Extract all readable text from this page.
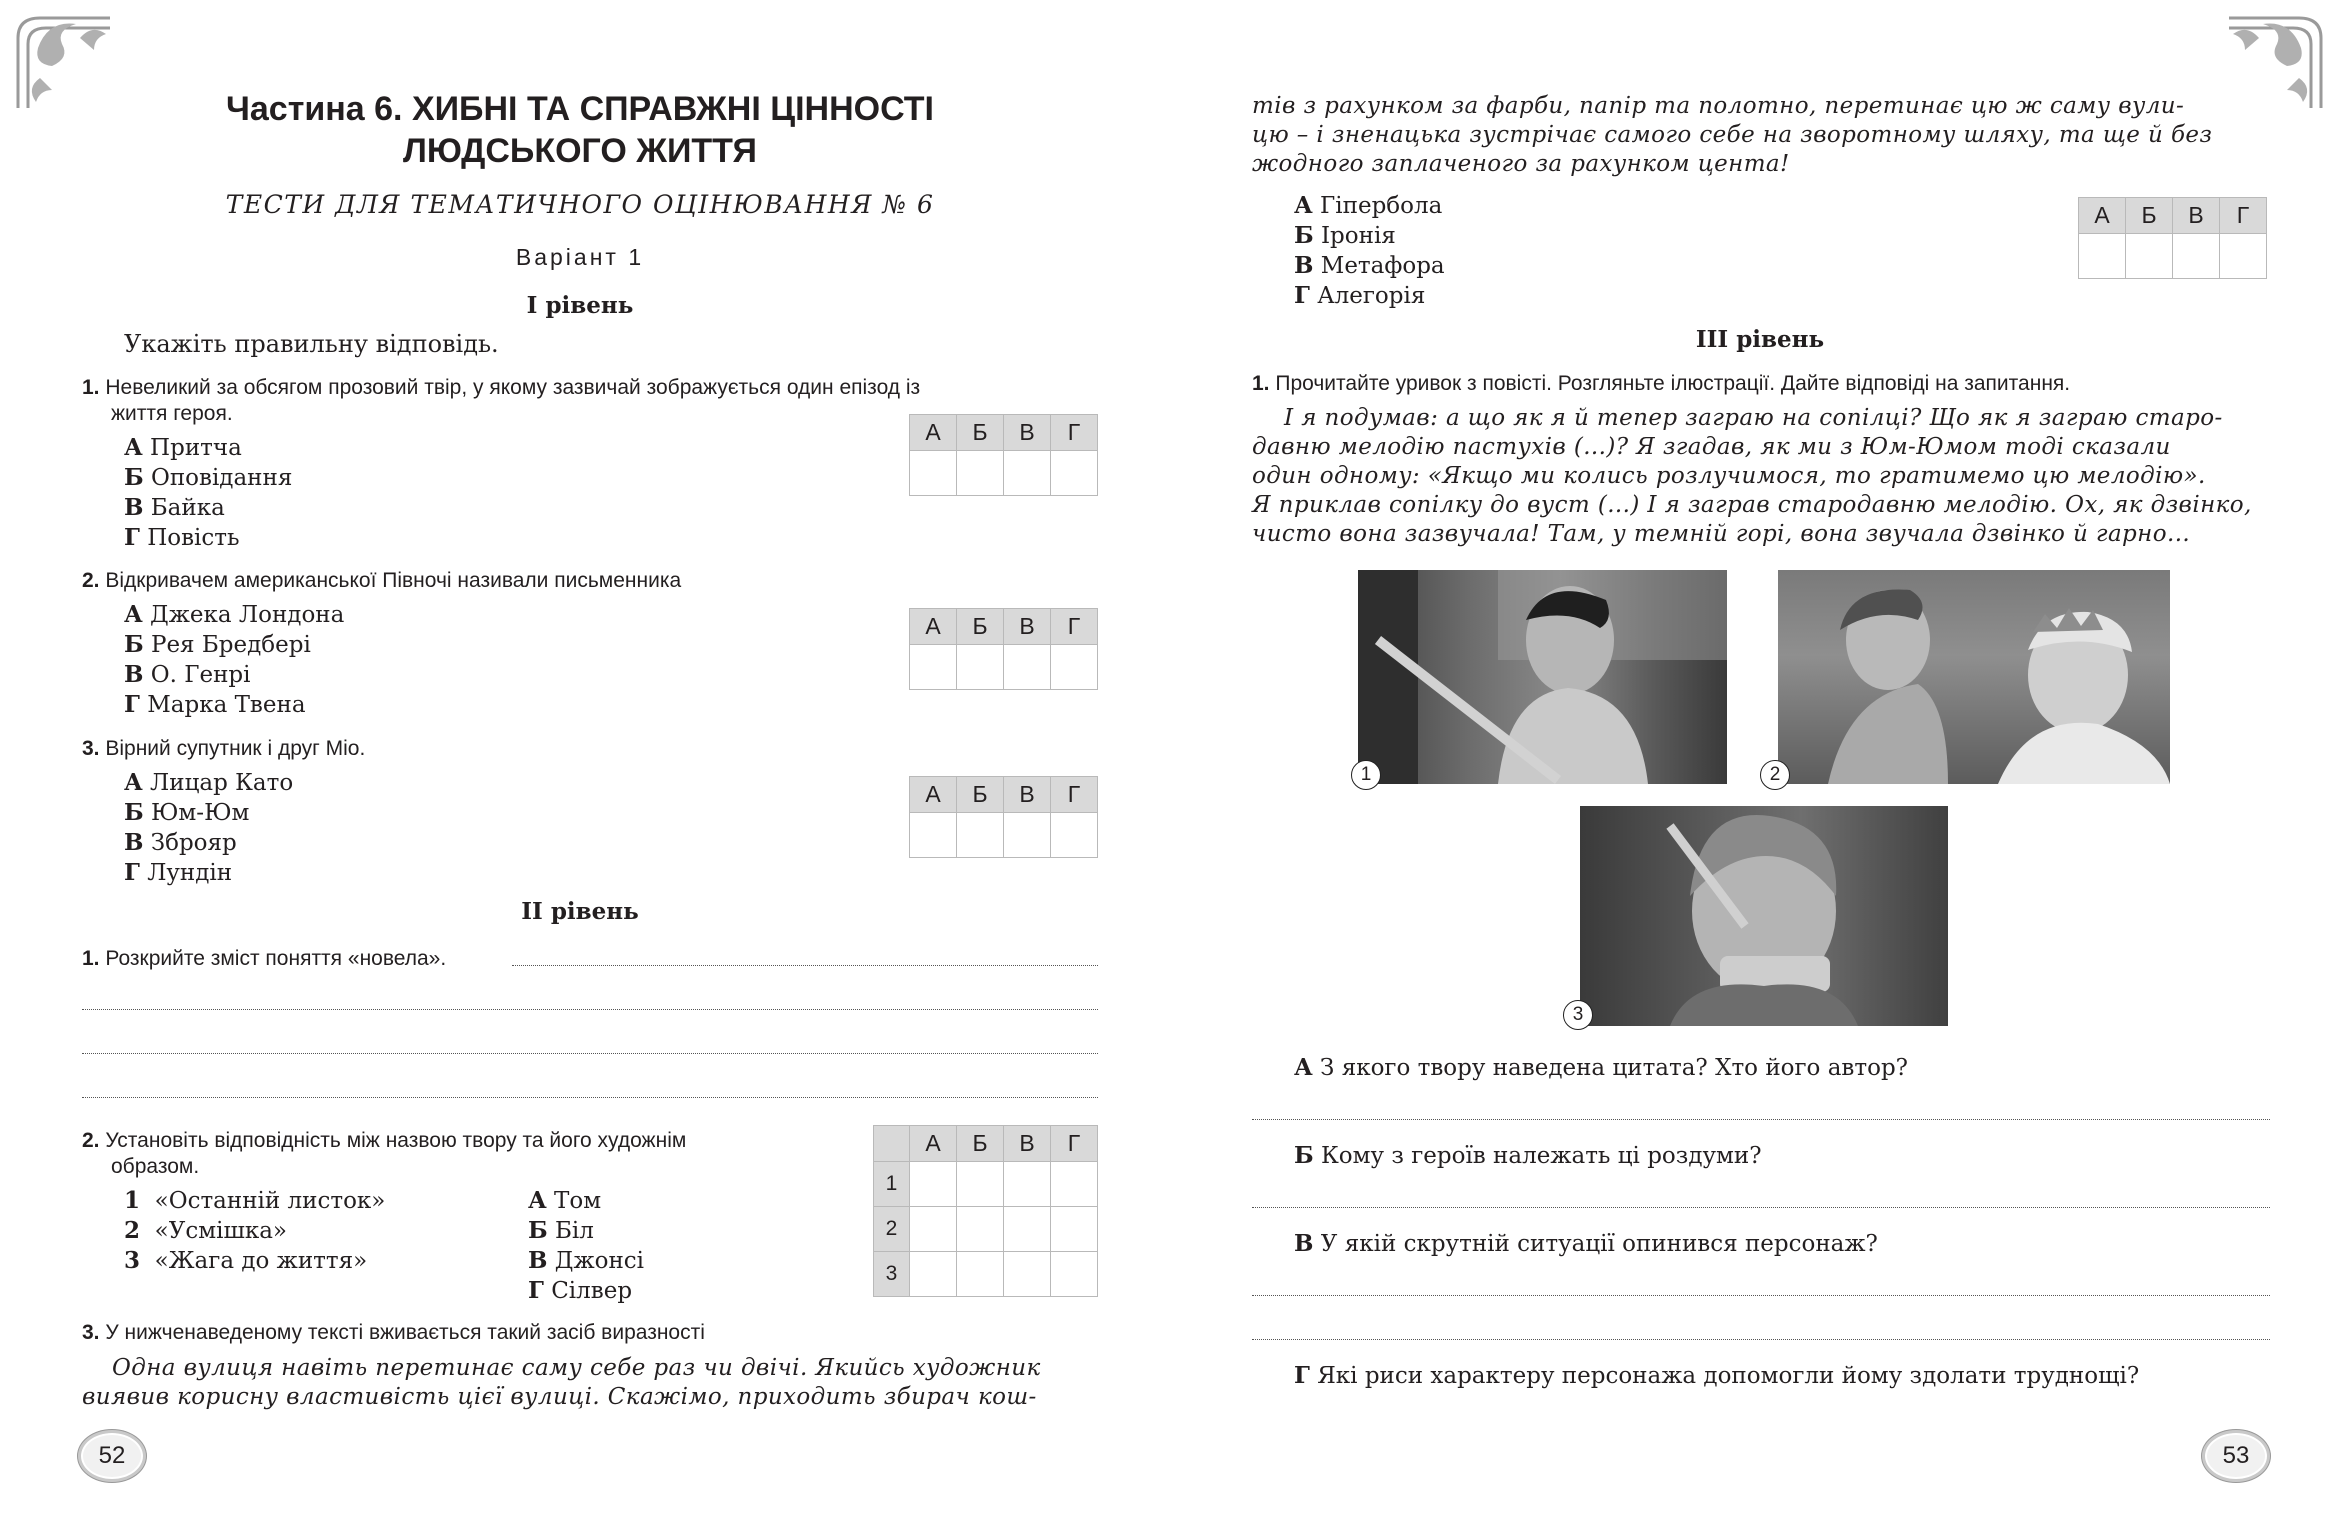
Частина 6. ХИБНІ ТА СПРАВЖНІ ЦІННОСТІ
ЛЮДСЬКОГО ЖИТТЯ
ТЕСТИ ДЛЯ ТЕМАТИЧНОГО ОЦІНЮВАННЯ № 6
Варіант 1
І рівень
Укажіть правильну відповідь.
1. Невеликий за обсягом прозовий твір, у якому зазвичай зображується один епізод із
життя героя.
А Притча
Б Оповідання
В Байка
Г Повість
А	Б	В	Г

2. Відкривачем американської Півночі називали письменника
А Джека Лондона
Б Рея Бредбері
В О. Генрі
Г Марка Твена
А	Б	В	Г

3. Вірний супутник і друг Міо.
А Лицар Като
Б Юм-Юм
В Зброяр
Г Лундін
А	Б	В	Г

ІІ рівень
1. Розкрийте зміст поняття «новела».
2. Установіть відповідність між назвою твору та його художнім
образом.
1 «Останній листок»
2 «Усмішка»
3 «Жага до життя»
А Том
Б Біл
В Джонсі
Г Сілвер
	А	Б	В	Г
1				
2				
3				
3. У нижченаведеному тексті вживається такий засіб виразності
Одна вулиця навіть перетинає саму себе раз чи двічі. Якийсь художник
виявив корисну властивість цієї вулиці. Скажімо, приходить збирач кош-
52
тів з рахунком за фарби, папір та полотно, перетинає цю ж саму вули-
цю – і зненацька зустрічає самого себе на зворотному шляху, та ще й без
жодного заплаченого за рахунком цента!
А Гіпербола
Б Іронія
В Метафора
Г Алегорія
А	Б	В	Г

ІІІ рівень
1. Прочитайте уривок з повісті. Розгляньте ілюстрації. Дайте відповіді на запитання.
І я подумав: а що як я й тепер заграю на сопілці? Що як я заграю старо-
давню мелодію пастухів (...)? Я згадав, як ми з Юм-Юмом тоді сказали
один одному: «Якщо ми колись розлучимося, то гратимемо цю мелодію».
Я приклав сопілку до вуст (...) І я заграв стародавню мелодію. Ох, як дзвінко,
чисто вона зазвучала! Там, у темній горі, вона звучала дзвінко й гарно...
1	2
3
А З якого твору наведена цитата? Хто його автор?
Б Кому з героїв належать ці роздуми?
В У якій скрутній ситуації опинився персонаж?
Г Які риси характеру персонажа допомогли йому здолати труднощі?
53
